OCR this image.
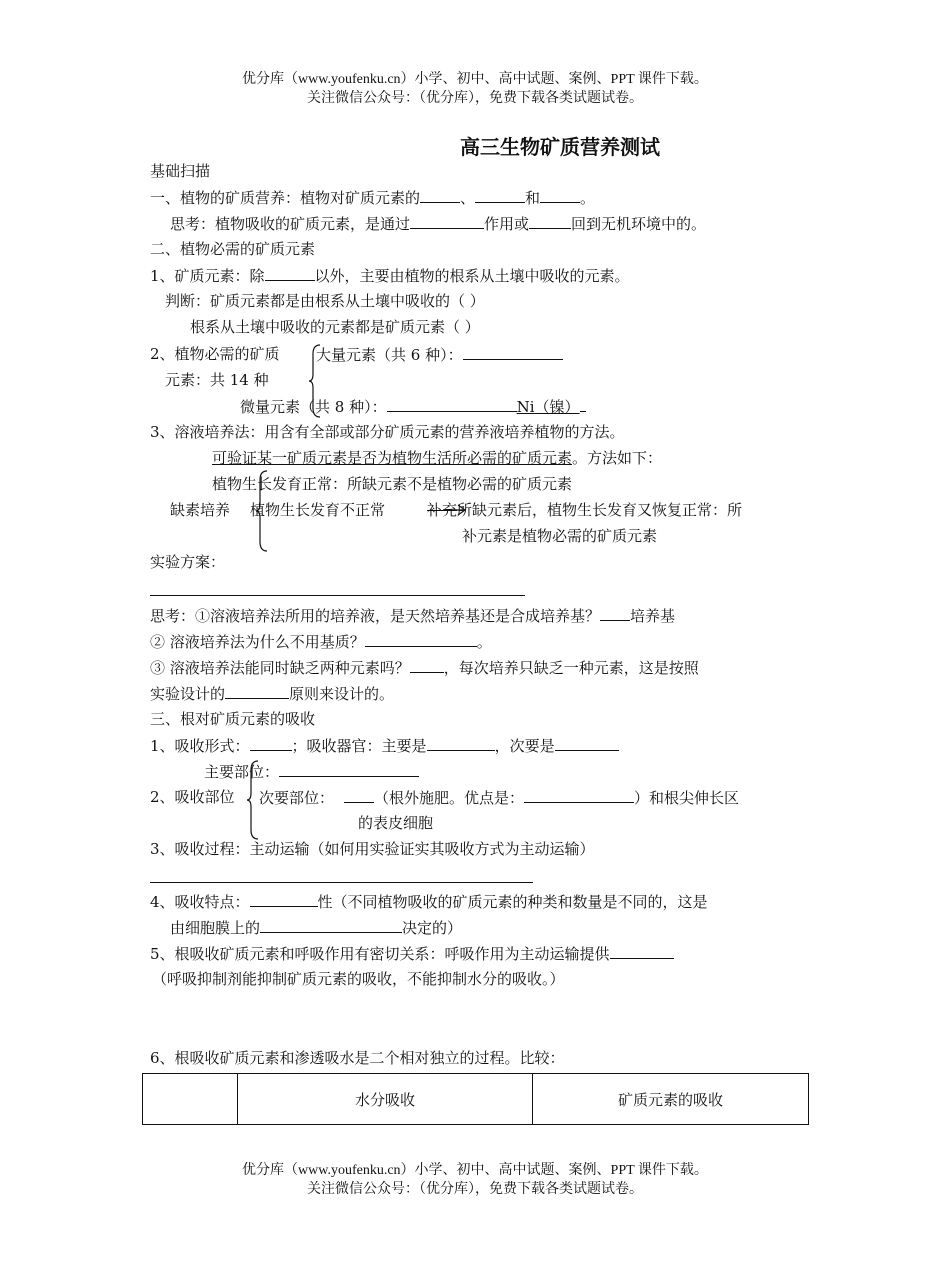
优分库（www.youfenku.cn）小学、初中、高中试题、案例、PPT 课件下载。
关注微信公众号：（优分库），免费下载各类试题试卷。
高三生物矿质营养测试
基础扫描
一、植物的矿质营养：植物对矿质元素的	、	和	。
思考：植物吸收的矿质元素，是通过	作用或	回到无机环境中的。
二、植物必需的矿质元素
1、矿质元素：除	以外，主要由植物的根系从土壤中吸收的元素。
判断：矿质元素都是由根系从土壤中吸收的（ ）
根系从土壤中吸收的元素都是矿质元素（ ）
2、植物必需的矿质
元素：共 14 种
大量元素（共 6 种）：
微量元素（共 8 种）：	Ni（镍）
3、溶液培养法：用含有全部或部分矿质元素的营养液培养植物的方法。
可验证某一矿质元素是否为植物生活所必需的矿质元素。方法如下：
植物生长发育正常：所缺元素不是植物必需的矿质元素
缺素培养 植物生长发育不正常	补充所缺元素后，植物生长发育又恢复正常：所
补元素是植物必需的矿质元素
实验方案：
思考：①溶液培养法所用的培养液，是天然培养基还是合成培养基？ 培养基
② 溶液培养法为什么不用基质？	。
③ 溶液培养法能同时缺乏两种元素吗？ ，每次培养只缺乏一种元素，这是按照
实验设计的	原则来设计的。
三、根对矿质元素的吸收
1、吸收形式：	；吸收器官：主要是	，次要是
主要部位：
2、吸收部位 次要部位：	（根外施肥。优点是：	）和根尖伸长区
的表皮细胞
3、吸收过程：主动运输（如何用实验证实其吸收方式为主动运输）
4、吸收特点：	性（不同植物吸收的矿质元素的种类和数量是不同的，这是
由细胞膜上的	决定的）
5、根吸收矿质元素和呼吸作用有密切关系：呼吸作用为主动运输提供
（呼吸抑制剂能抑制矿质元素的吸收，不能抑制水分的吸收。）
6、根吸收矿质元素和渗透吸水是二个相对独立的过程。比较：
	水分吸收	矿质元素的吸收
优分库（www.youfenku.cn）小学、初中、高中试题、案例、PPT 课件下载。
关注微信公众号：（优分库），免费下载各类试题试卷。
